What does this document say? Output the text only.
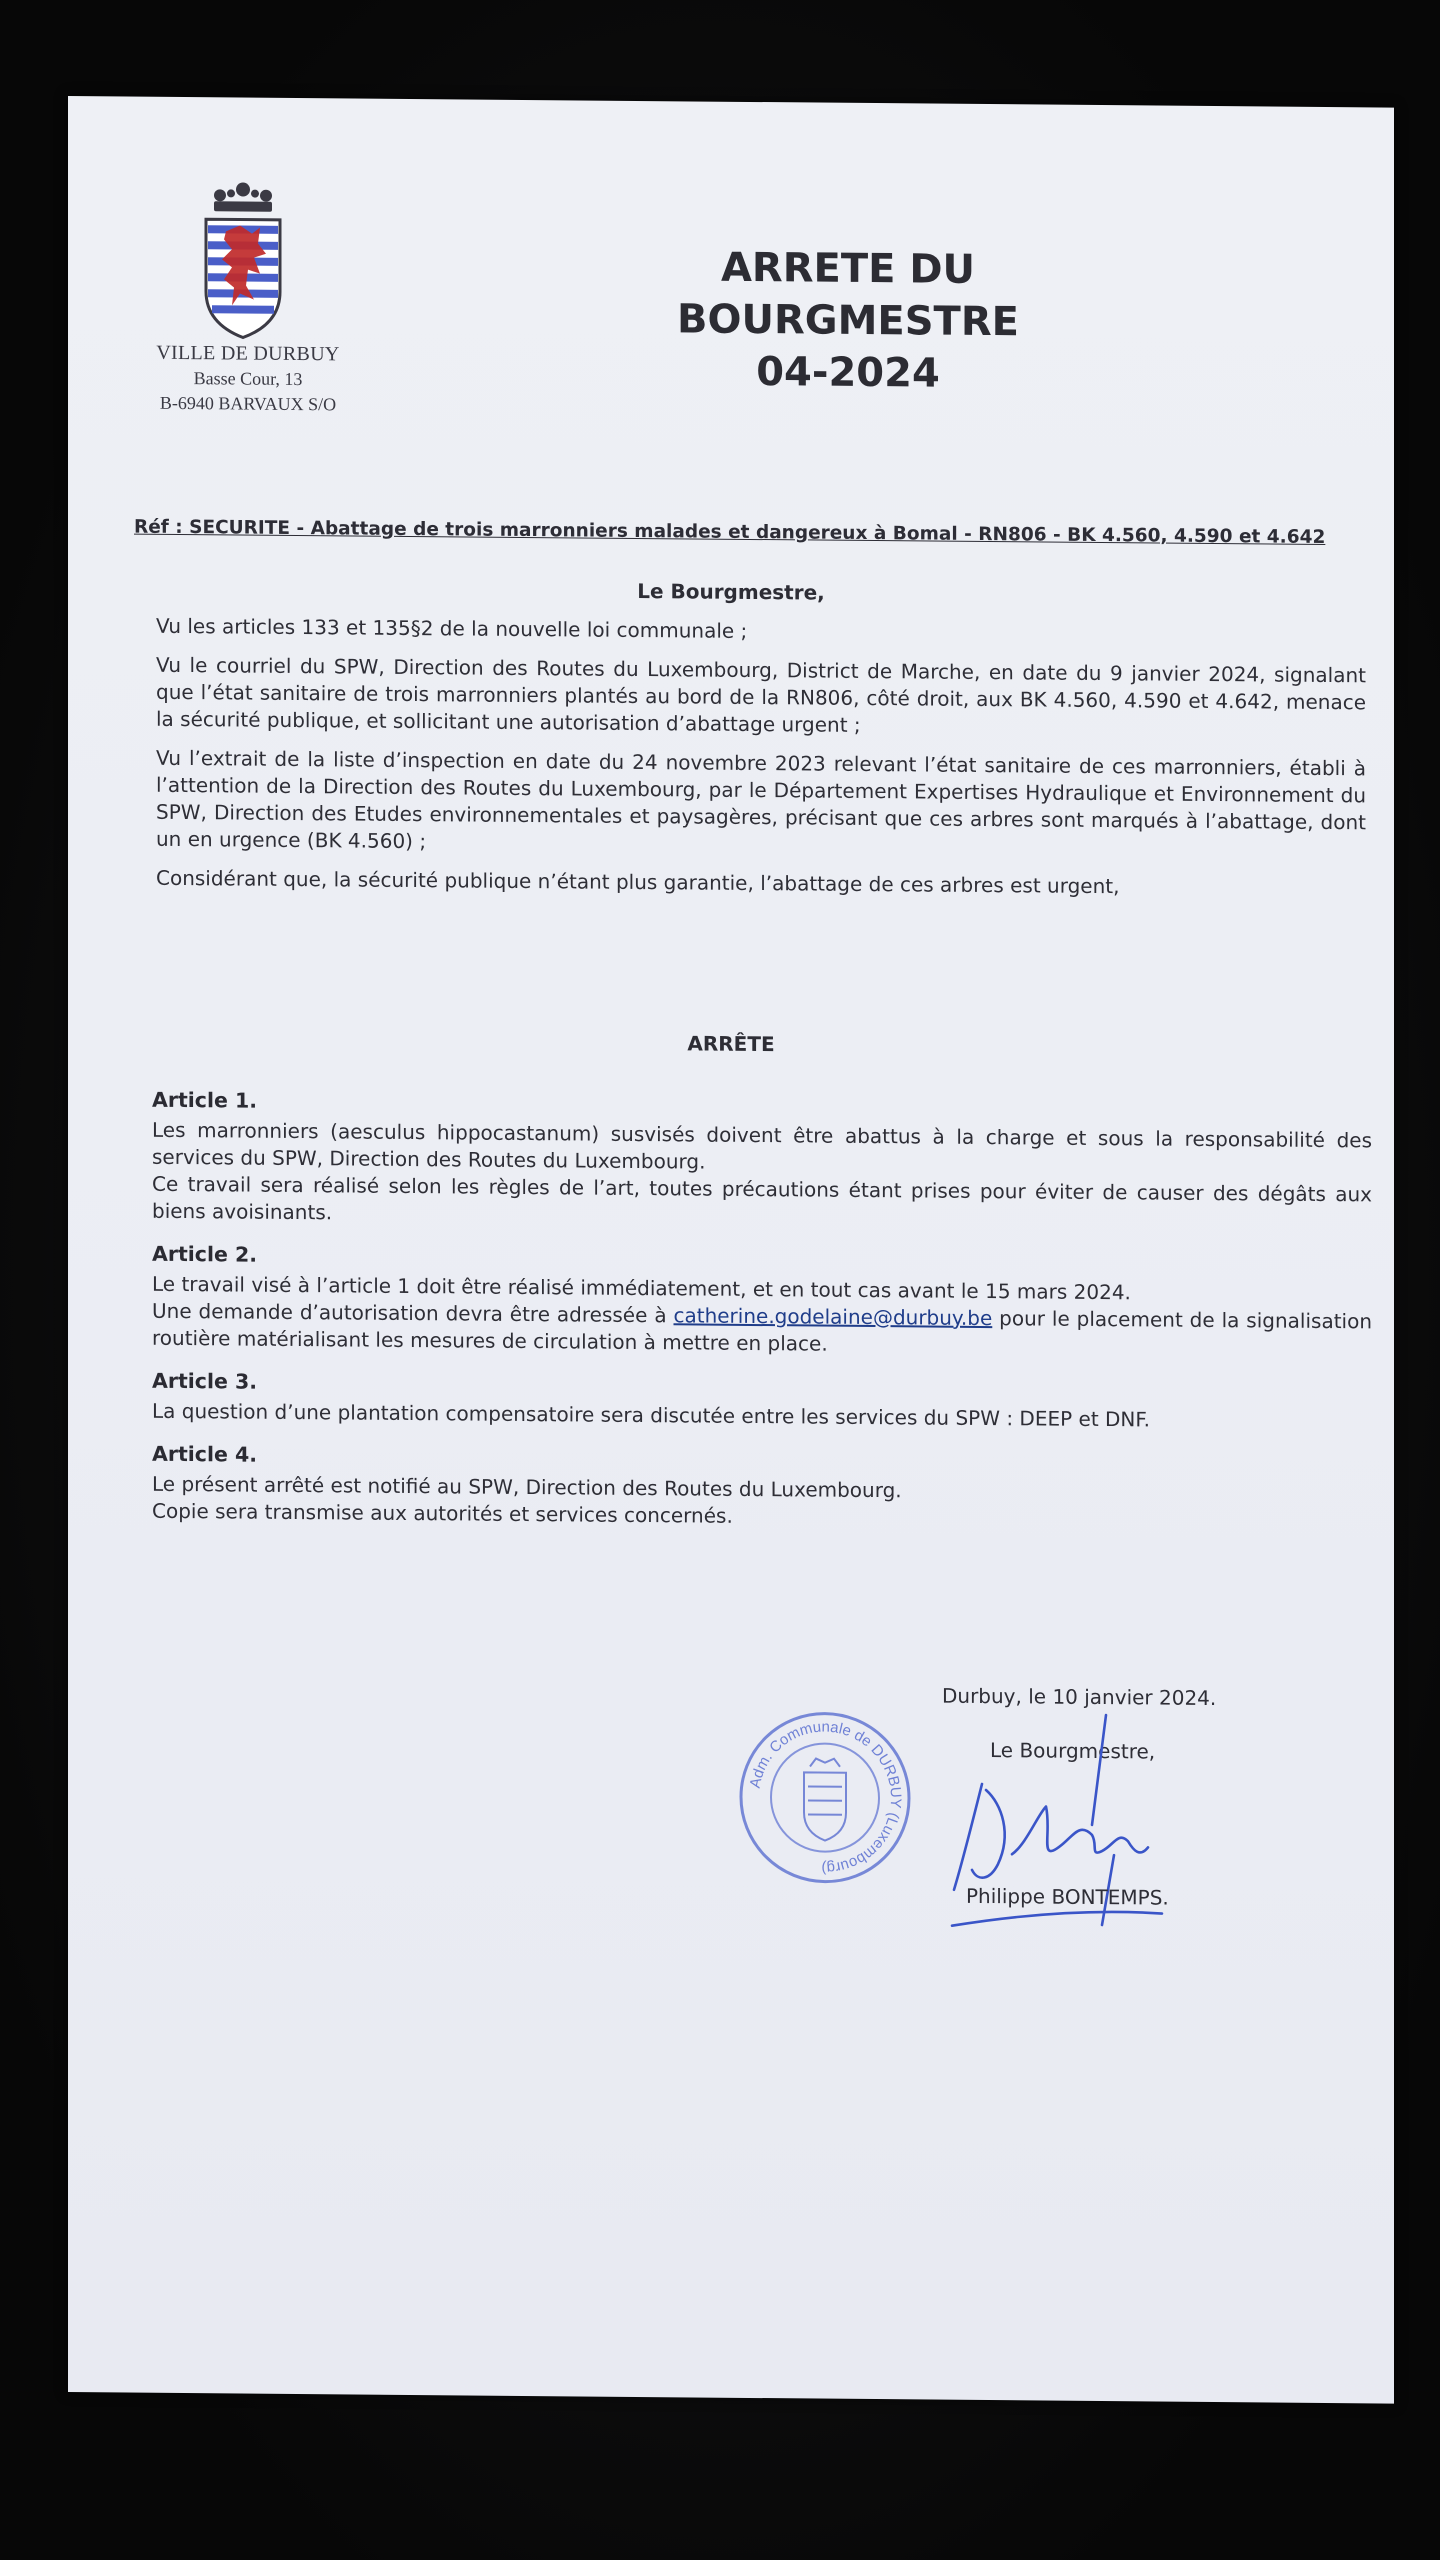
VILLE DE DURBUY
Basse Cour, 13
B-6940 BARVAUX S/O
ARRETE DU BOURGMESTRE
04-2024
Réf : SECURITE - Abattage de trois marronniers malades et dangereux à Bomal - RN806 - BK 4.560, 4.590 et 4.642
Le Bourgmestre,

Vu les articles 133 et 135§2 de la nouvelle loi communale ;

Vu le courriel du SPW, Direction des Routes du Luxembourg, District de Marche, en date du 9 janvier 2024, signalant que l’état sanitaire de trois marronniers plantés au bord de la RN806, côté droit, aux BK 4.560, 4.590 et 4.642, menace la sécurité publique, et sollicitant une autorisation d’abattage urgent ;

Vu l’extrait de la liste d’inspection en date du 24 novembre 2023 relevant l’état sanitaire de ces marronniers, établi à l’attention de la Direction des Routes du Luxembourg, par le Département Expertises Hydraulique et Environnement du SPW, Direction des Etudes environnementales et paysagères, précisant que ces arbres sont marqués à l’abattage, dont un en urgence (BK 4.560) ;

Considérant que, la sécurité publique n’étant plus garantie, l’abattage de ces arbres est urgent,

ARRÊTE

Article 1.

Les marronniers (aesculus hippocastanum) susvisés doivent être abattus à la charge et sous la responsabilité des services du SPW, Direction des Routes du Luxembourg.

Ce travail sera réalisé selon les règles de l’art, toutes précautions étant prises pour éviter de causer des dégâts aux biens avoisinants.

Article 2.

Le travail visé à l’article 1 doit être réalisé immédiatement, et en tout cas avant le 15 mars 2024.

Une demande d’autorisation devra être adressée à catherine.godelaine@durbuy.be pour le placement de la signalisation routière matérialisant les mesures de circulation à mettre en place.

Article 3.

La question d’une plantation compensatoire sera discutée entre les services du SPW : DEEP et DNF.

Article 4.

Le présent arrêté est notifié au SPW, Direction des Routes du Luxembourg.

Copie sera transmise aux autorités et services concernés.

Adm. Communale de DURBUY (Luxembourg)
Durbuy, le 10 janvier 2024.
Le Bourgmestre,
Philippe BONTEMPS.
